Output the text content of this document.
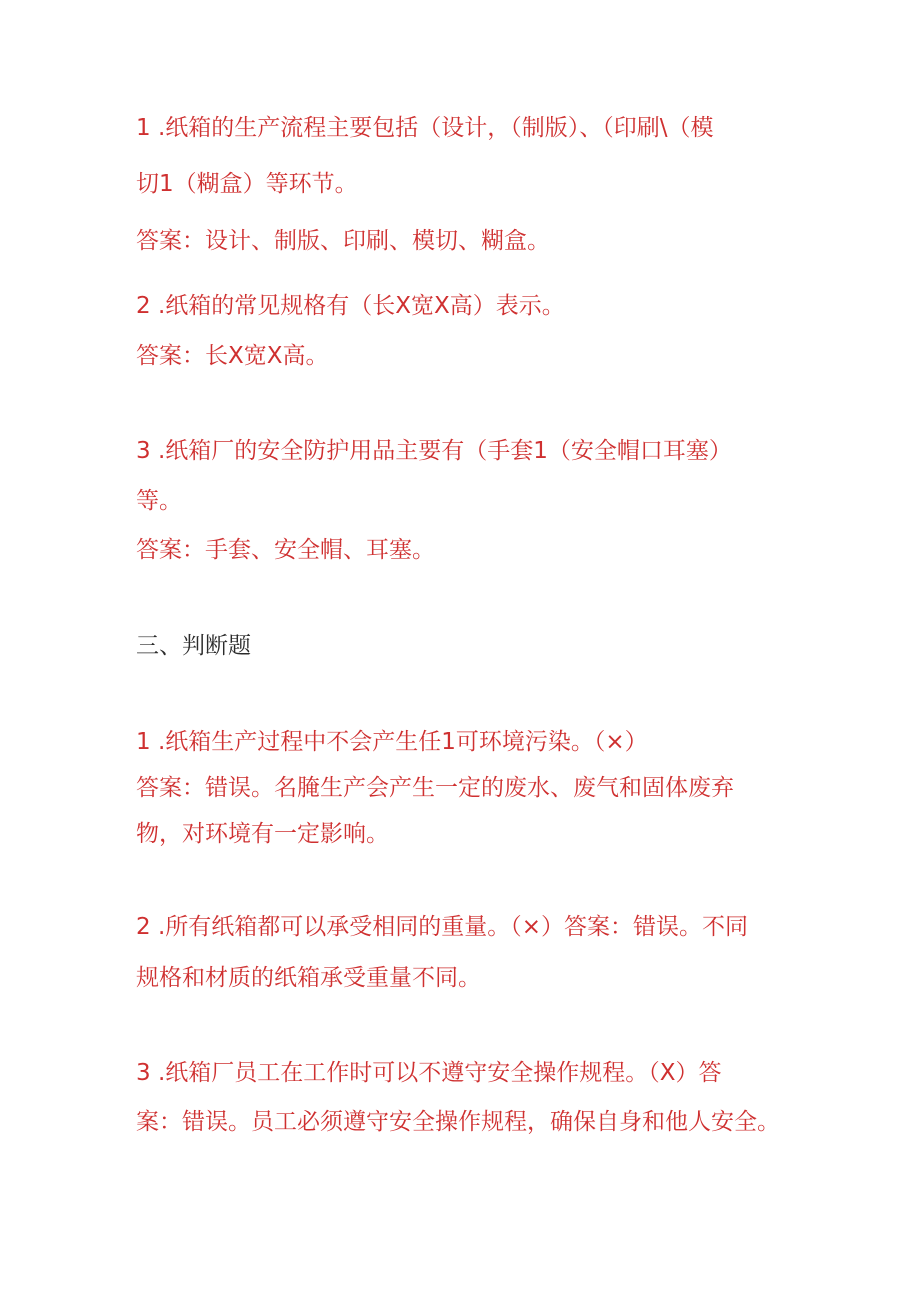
1 .纸箱的生产流程主要包括（设计，（制版）、（印刷\（模
切1（糊盒）等环节。
答案：设计、制版、印刷、模切、糊盒。
2 .纸箱的常见规格有（长X宽X高）表示。
答案：长X宽X高。
3 .纸箱厂的安全防护用品主要有（手套1（安全帽口耳塞）
等。
答案：手套、安全帽、耳塞。
三、判断题
1 .纸箱生产过程中不会产生任1可环境污染。（×）
答案：错误。名腌生产会产生一定的废水、废气和固体废弃
物，对环境有一定影响。
2 .所有纸箱都可以承受相同的重量。（×）答案：错误。不同
规格和材质的纸箱承受重量不同。
3 .纸箱厂员工在工作时可以不遵守安全操作规程。（X）答
案：错误。员工必须遵守安全操作规程，确保自身和他人安全。
